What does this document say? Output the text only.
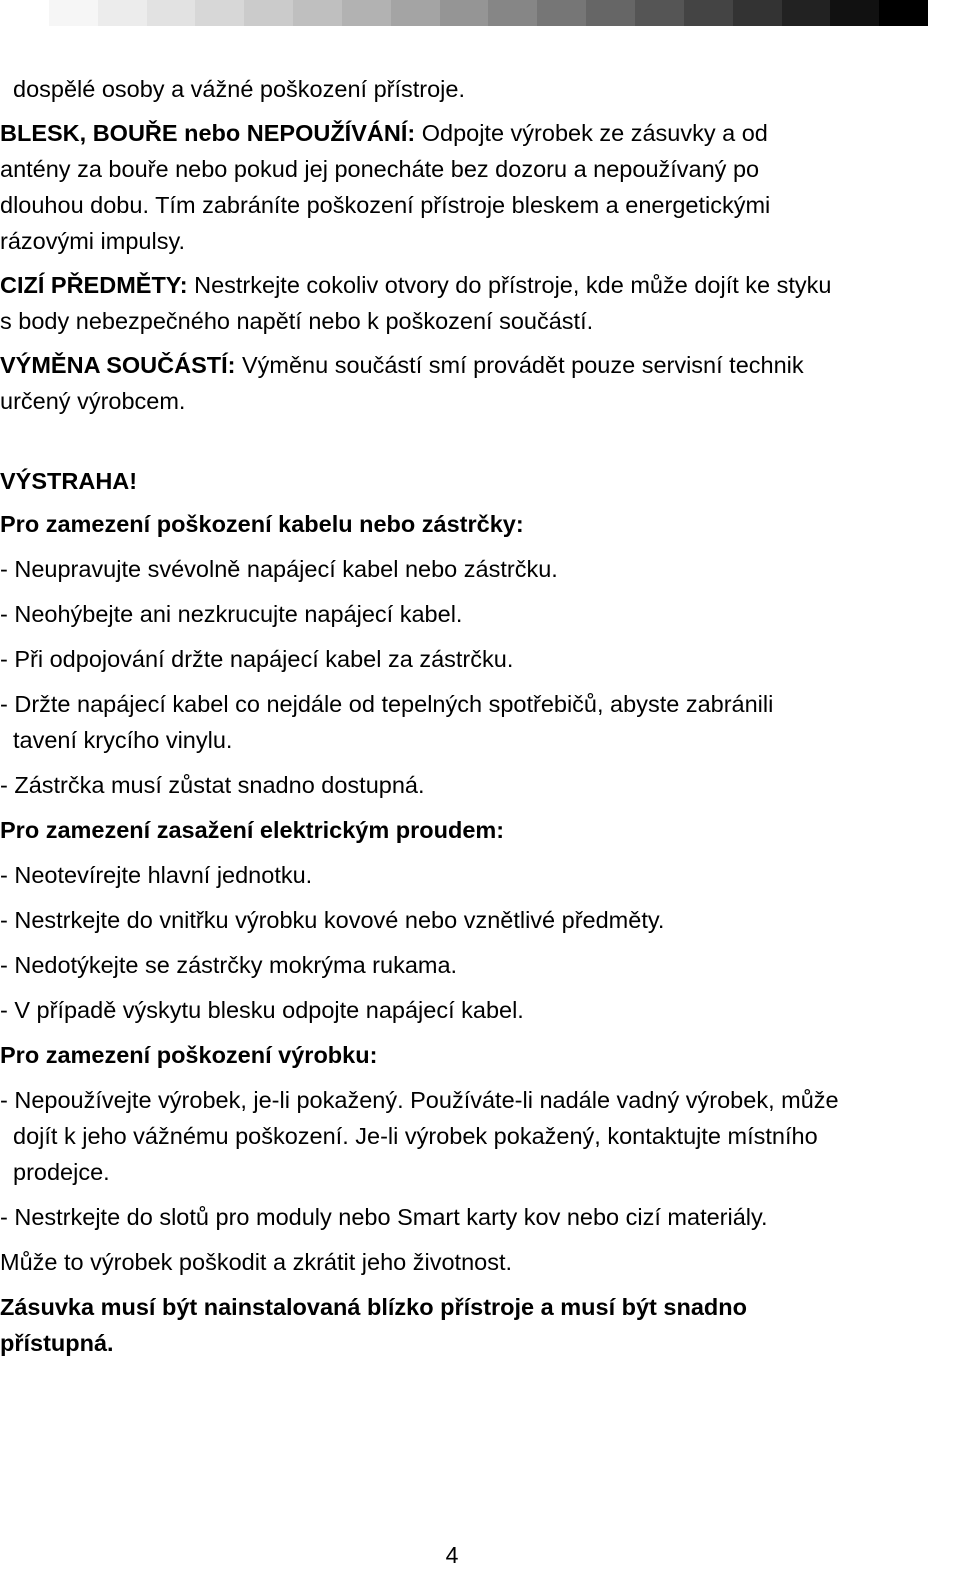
dospělé osoby a vážné poškození přístroje.

BLESK, BOUŘE nebo NEPOUŽÍVÁNÍ: Odpojte výrobek ze zásuvky a od
antény za bouře nebo pokud jej ponecháte bez dozoru a nepoužívaný po
dlouhou dobu. Tím zabráníte poškození přístroje bleskem a energetickými
rázovými impulsy.

CIZÍ PŘEDMĚTY: Nestrkejte cokoliv otvory do přístroje, kde může dojít ke styku
s body nebezpečného napětí nebo k poškození součástí.

VÝMĚNA SOUČÁSTÍ: Výměnu součástí smí provádět pouze servisní technik
určený výrobcem.

VÝSTRAHA!

Pro zamezení poškození kabelu nebo zástrčky:

- Neupravujte svévolně napájecí kabel nebo zástrčku.

- Neohýbejte ani nezkrucujte napájecí kabel.

- Při odpojování držte napájecí kabel za zástrčku.

- Držte napájecí kabel co nejdále od tepelných spotřebičů, abyste zabránili
tavení krycího vinylu.

- Zástrčka musí zůstat snadno dostupná.

Pro zamezení zasažení elektrickým proudem:

- Neotevírejte hlavní jednotku.

- Nestrkejte do vnitřku výrobku kovové nebo vznětlivé předměty.

- Nedotýkejte se zástrčky mokrýma rukama.

- V případě výskytu blesku odpojte napájecí kabel.

Pro zamezení poškození výrobku:

- Nepoužívejte výrobek, je-li pokažený. Používáte-li nadále vadný výrobek, může
dojít k jeho vážnému poškození. Je-li výrobek pokažený, kontaktujte místního
prodejce.

- Nestrkejte do slotů pro moduly nebo Smart karty kov nebo cizí materiály.

Může to výrobek poškodit a zkrátit jeho životnost.

Zásuvka musí být nainstalovaná blízko přístroje a musí být snadno
přístupná.

4
